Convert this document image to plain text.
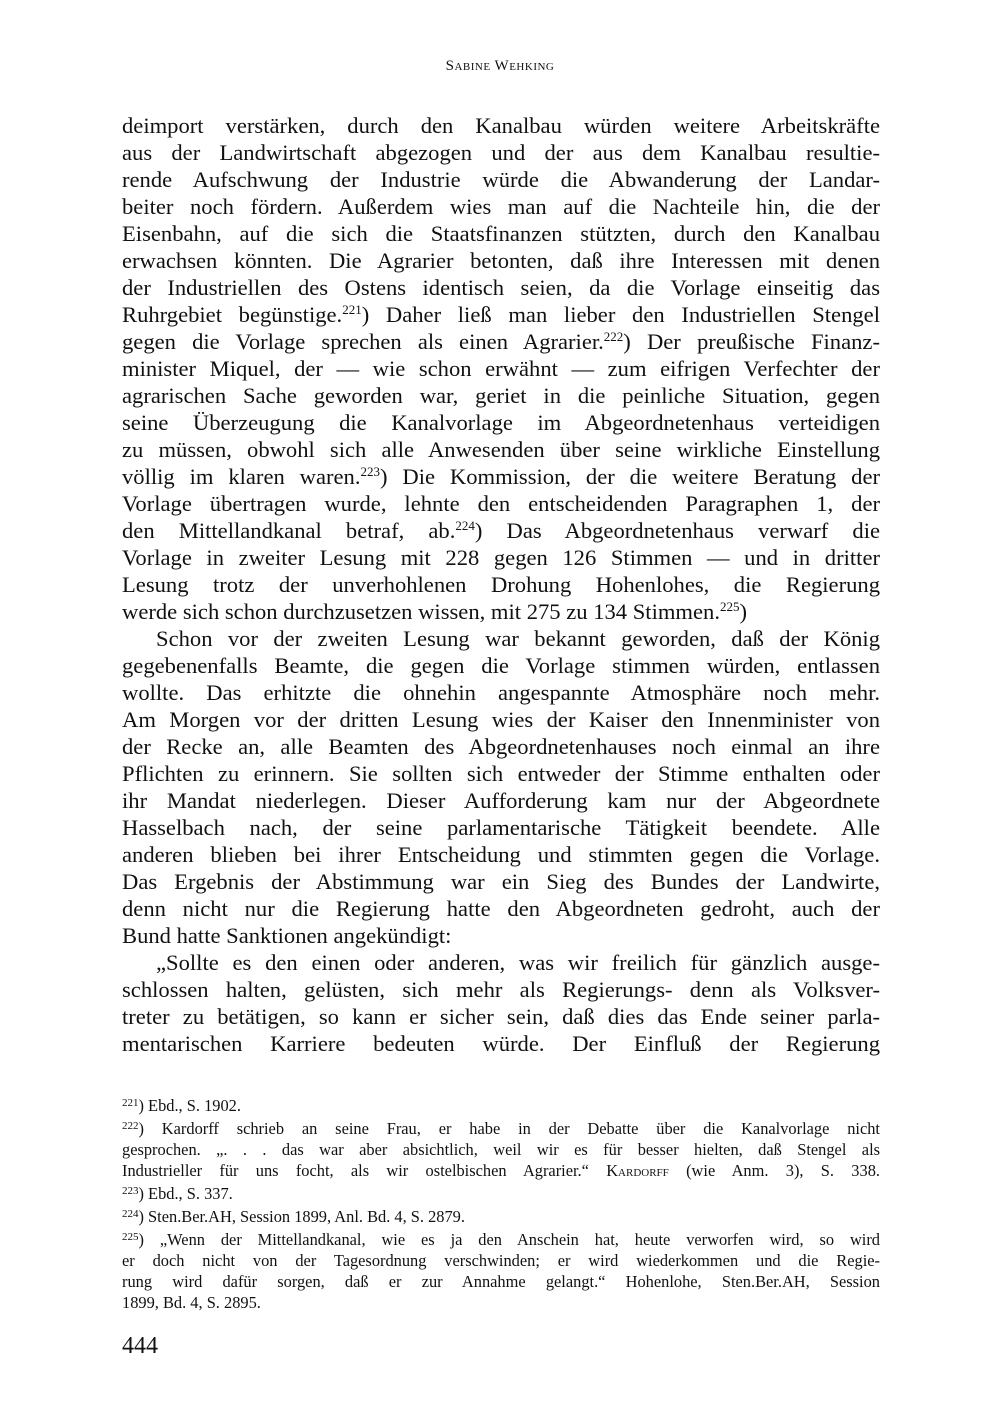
Sabine Wehking
deimport verstärken, durch den Kanalbau würden weitere Arbeitskräfte
aus der Landwirtschaft abgezogen und der aus dem Kanalbau resultie-
rende Aufschwung der Industrie würde die Abwanderung der Landar-
beiter noch fördern. Außerdem wies man auf die Nachteile hin, die der
Eisenbahn, auf die sich die Staatsfinanzen stützten, durch den Kanalbau
erwachsen könnten. Die Agrarier betonten, daß ihre Interessen mit denen
der Industriellen des Ostens identisch seien, da die Vorlage einseitig das
Ruhrgebiet begünstige.$^{221}$) Daher ließ man lieber den Industriellen Stengel
gegen die Vorlage sprechen als einen Agrarier.$^{222}$) Der preußische Finanz-
minister Miquel, der — wie schon erwähnt — zum eifrigen Verfechter der
agrarischen Sache geworden war, geriet in die peinliche Situation, gegen
seine Überzeugung die Kanalvorlage im Abgeordnetenhaus verteidigen
zu müssen, obwohl sich alle Anwesenden über seine wirkliche Einstellung
völlig im klaren waren.$^{223}$) Die Kommission, der die weitere Beratung der
Vorlage übertragen wurde, lehnte den entscheidenden Paragraphen 1, der
den Mittellandkanal betraf, ab.$^{224}$) Das Abgeordnetenhaus verwarf die
Vorlage in zweiter Lesung mit 228 gegen 126 Stimmen — und in dritter
Lesung trotz der unverhohlenen Drohung Hohenlohes, die Regierung
werde sich schon durchzusetzen wissen, mit 275 zu 134 Stimmen.$^{225}$)
Schon vor der zweiten Lesung war bekannt geworden, daß der König
gegebenenfalls Beamte, die gegen die Vorlage stimmen würden, entlassen
wollte. Das erhitzte die ohnehin angespannte Atmosphäre noch mehr.
Am Morgen vor der dritten Lesung wies der Kaiser den Innenminister von
der Recke an, alle Beamten des Abgeordnetenhauses noch einmal an ihre
Pflichten zu erinnern. Sie sollten sich entweder der Stimme enthalten oder
ihr Mandat niederlegen. Dieser Aufforderung kam nur der Abgeordnete
Hasselbach nach, der seine parlamentarische Tätigkeit beendete. Alle
anderen blieben bei ihrer Entscheidung und stimmten gegen die Vorlage.
Das Ergebnis der Abstimmung war ein Sieg des Bundes der Landwirte,
denn nicht nur die Regierung hatte den Abgeordneten gedroht, auch der
Bund hatte Sanktionen angekündigt:
„Sollte es den einen oder anderen, was wir freilich für gänzlich ausge-
schlossen halten, gelüsten, sich mehr als Regierungs- denn als Volksver-
treter zu betätigen, so kann er sicher sein, daß dies das Ende seiner parla-
mentarischen Karriere bedeuten würde. Der Einfluß der Regierung
$^{221}$) Ebd., S. 1902.
$^{222}$) Kardorff schrieb an seine Frau, er habe in der Debatte über die Kanalvorlage nicht
gesprochen. „. . . das war aber absichtlich, weil wir es für besser hielten, daß Stengel als
Industrieller für uns focht, als wir ostelbischen Agrarier.“ Kardorff (wie Anm. 3), S. 338.
$^{223}$) Ebd., S. 337.
$^{224}$) Sten.Ber.AH, Session 1899, Anl. Bd. 4, S. 2879.
$^{225}$) „Wenn der Mittellandkanal, wie es ja den Anschein hat, heute verworfen wird, so wird
er doch nicht von der Tagesordnung verschwinden; er wird wiederkommen und die Regie-
rung wird dafür sorgen, daß er zur Annahme gelangt.“ Hohenlohe, Sten.Ber.AH, Session
1899, Bd. 4, S. 2895.
444
